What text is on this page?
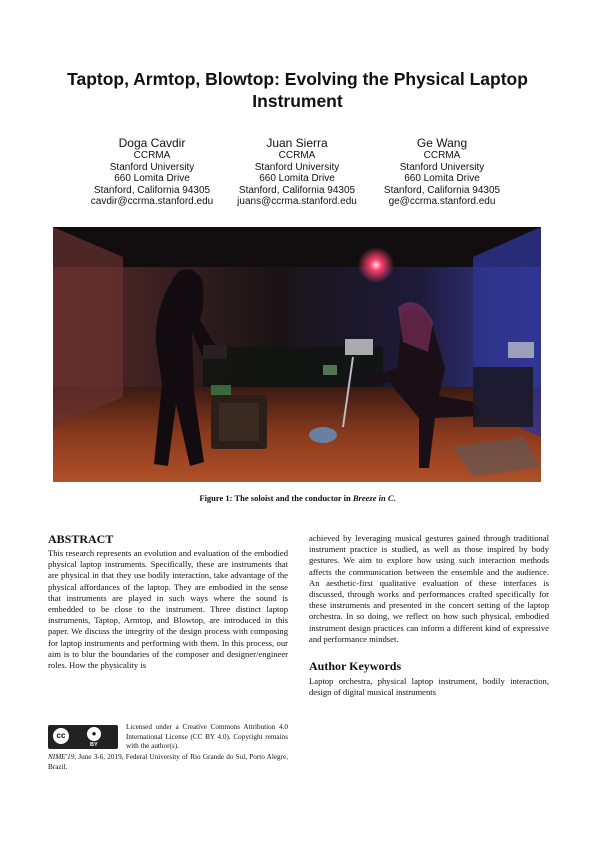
Taptop, Armtop, Blowtop: Evolving the Physical Laptop
Instrument
Doga Cavdir
CCRMA
Stanford University
660 Lomita Drive
Stanford, California 94305
cavdir@ccrma.stanford.edu
Juan Sierra
CCRMA
Stanford University
660 Lomita Drive
Stanford, California 94305
juans@ccrma.stanford.edu
Ge Wang
CCRMA
Stanford University
660 Lomita Drive
Stanford, California 94305
ge@ccrma.stanford.edu
Figure 1: The soloist and the conductor in Breeze in C.
ABSTRACT
This research represents an evolution and evaluation of the embodied physical laptop instruments. Specifically, these are instruments that are physical in that they use bodily interaction, take advantage of the physical affordances of the laptop. They are embodied in the sense that instruments are played in such ways where the sound is embedded to be close to the instrument. Three distinct laptop instruments, Taptop, Armtop, and Blowtop, are introduced in this paper. We discuss the integrity of the design process with composing for laptop instruments and performing with them. In this process, our aim is to blur the boundaries of the composer and designer/engineer roles. How the physicality is
achieved by leveraging musical gestures gained through traditional instrument practice is studied, as well as those inspired by body gestures. We aim to explore how using such interaction methods affects the communication between the ensemble and the audience. An aesthetic-first qualitative evaluation of these interfaces is discussed, through works and performances crafted specifically for these instruments and presented in the concert setting of the laptop orchestra. In so doing, we reflect on how such physical, embodied instrument design practices can inform a different kind of expressive and performance mindset.
Author Keywords
Laptop orchestra, physical laptop instrument, bodily interaction, design of digital musical instruments
cc	●
BY
Licensed under a Creative Commons Attribution 4.0 International License (CC BY 4.0). Copyright remains with the author(s).
NIME'19, June 3-6, 2019, Federal University of Rio Grande do Sul, Porto Alegre, Brazil.
